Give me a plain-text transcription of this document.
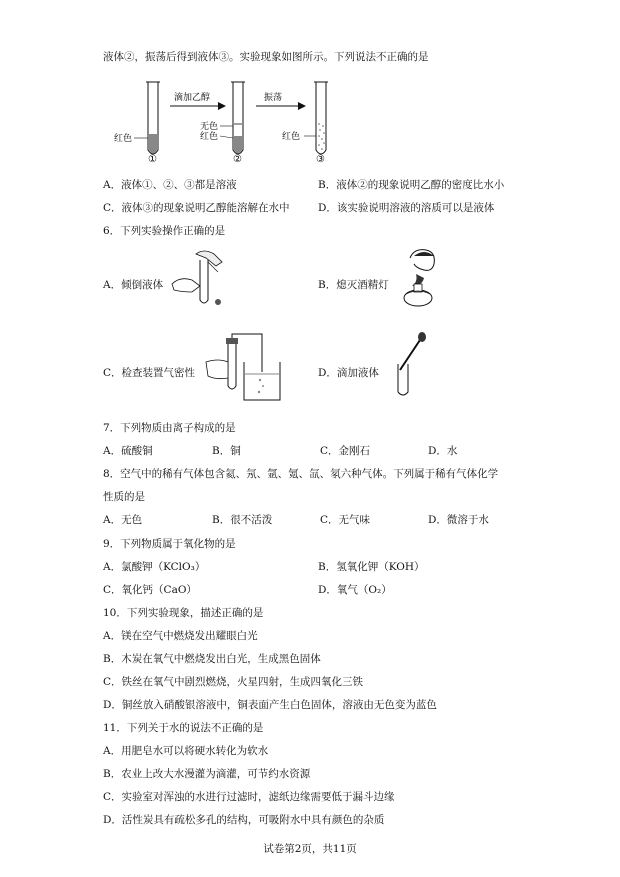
液体②，振荡后得到液体③。实验现象如图所示。下列说法不正确的是
红色
①
滴加乙醇
无色
红色
②
振荡
红色
③
A．液体①、②、③都是溶液	B．液体②的现象说明乙醇的密度比水小
C．液体③的现象说明乙醇能溶解在水中	D．该实验说明溶液的溶质可以是液体
6．下列实验操作正确的是
A．倾倒液体	B．熄灭酒精灯
C．检查装置气密性	D．滴加液体
7．下列物质由离子构成的是
A．硫酸铜	B．铜	C．金刚石	D．水
8．空气中的稀有气体包含氦、氖、氩、氪、氙、氡六种气体。下列属于稀有气体化学
性质的是
A．无色	B．很不活泼	C．无气味	D．微溶于水
9．下列物质属于氧化物的是
A．氯酸钾（KClO₃）	B．氢氧化钾（KOH）
C．氧化钙（CaO）	D．氧气（O₂）
10．下列实验现象，描述正确的是
A．镁在空气中燃烧发出耀眼白光
B．木炭在氧气中燃烧发出白光，生成黑色固体
C．铁丝在氧气中剧烈燃烧，火星四射，生成四氧化三铁
D．铜丝放入硝酸银溶液中，铜表面产生白色固体，溶液由无色变为蓝色
11．下列关于水的说法不正确的是
A．用肥皂水可以将硬水转化为软水
B．农业上改大水漫灌为滴灌，可节约水资源
C．实验室对浑浊的水进行过滤时，滤纸边缘需要低于漏斗边缘
D．活性炭具有疏松多孔的结构，可吸附水中具有颜色的杂质
试卷第2页，共11页
